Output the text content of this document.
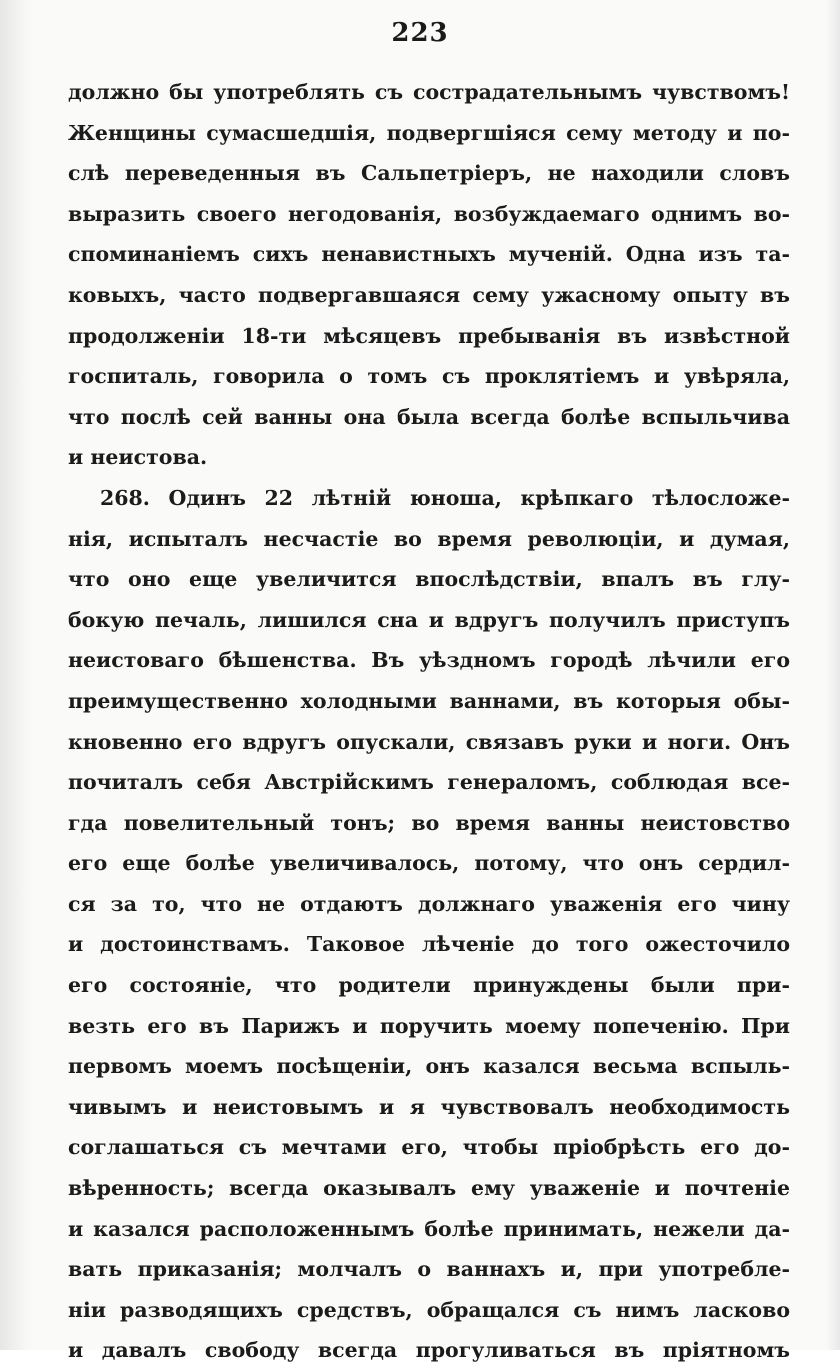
223
должно бы употреблять съ сострадательнымъ чувствомъ!
Женщины сумасшедшія, подвергшіяся сему методу и по-
слѣ переведенныя въ Сальпетріеръ, не находили словъ
выразить своего негодованія, возбуждаемаго однимъ во-
споминаніемъ сихъ ненавистныхъ мученій. Одна изъ та-
ковыхъ, часто подвергавшаяся сему ужасному опыту въ
продолженіи 18-ти мѣсяцевъ пребыванія въ извѣстной
госпиталь, говорила о томъ съ проклятіемъ и увѣряла,
что послѣ сей ванны она была всегда болѣе вспыльчива
и неистова.
268. Одинъ 22 лѣтній юноша, крѣпкаго тѣлосложе-
нія, испыталъ несчастіе во время революціи, и думая,
что оно еще увеличится впослѣдствіи, впалъ въ глу-
бокую печаль, лишился сна и вдругъ получилъ приступъ
неистоваго бѣшенства. Въ уѣздномъ городѣ лѣчили его
преимущественно холодными ваннами, въ которыя обы-
кновенно его вдругъ опускали, связавъ руки и ноги. Онъ
почиталъ себя Австрійскимъ генераломъ, соблюдая все-
гда повелительный тонъ; во время ванны неистовство
его еще болѣе увеличивалось, потому, что онъ сердил-
ся за то, что не отдаютъ должнаго уваженія его чину
и достоинствамъ. Таковое лѣченіе до того ожесточило
его состояніе, что родители принуждены были при-
везть его въ Парижъ и поручить моему попеченію. При
первомъ моемъ посѣщеніи, онъ казался весьма вспыль-
чивымъ и неистовымъ и я чувствовалъ необходимость
соглашаться съ мечтами его, чтобы пріобрѣсть его до-
вѣренность; всегда оказывалъ ему уваженіе и почтеніе
и казался расположеннымъ болѣе принимать, нежели да-
вать приказанія; молчалъ о ваннахъ и, при употребле-
ніи разводящихъ средствъ, обращался съ нимъ ласково
и давалъ свободу всегда прогуливаться въ пріятномъ
